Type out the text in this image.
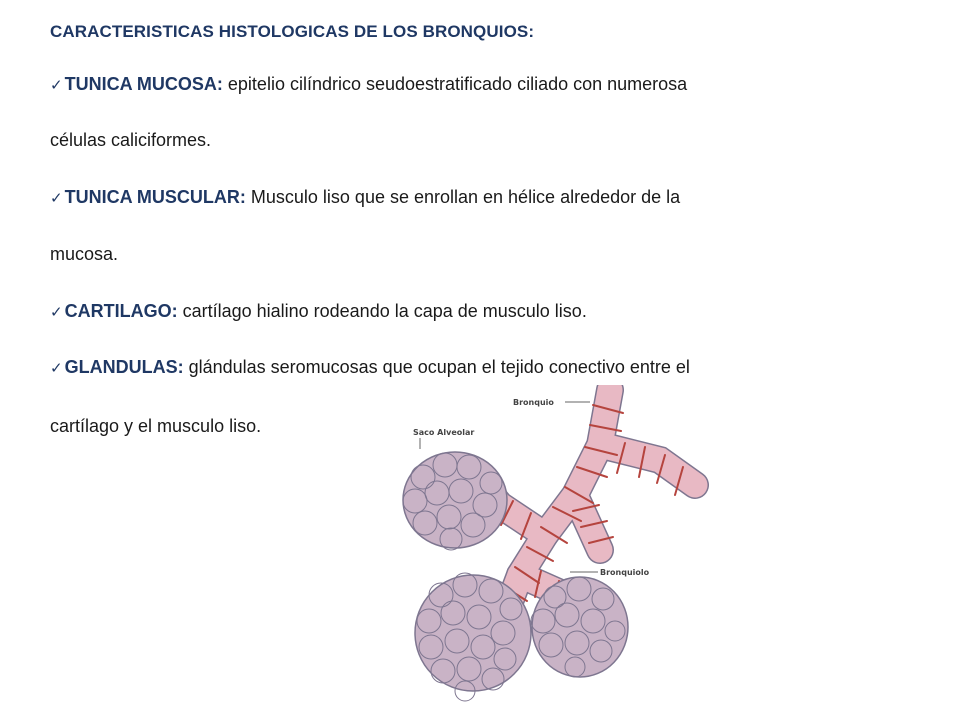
CARACTERISTICAS HISTOLOGICAS DE LOS BRONQUIOS:
✓ TUNICA MUCOSA: epitelio cilíndrico seudoestratificado ciliado con numerosa
células caliciformes.
✓ TUNICA MUSCULAR: Musculo liso que se enrollan en hélice alrededor de la
mucosa.
✓ CARTILAGO: cartílago hialino rodeando la capa de musculo liso.
✓ GLANDULAS: glándulas seromucosas que ocupan el tejido conectivo entre el
cartílago y el musculo liso.
Bronquio
Saco Alveolar
Bronquiolo
